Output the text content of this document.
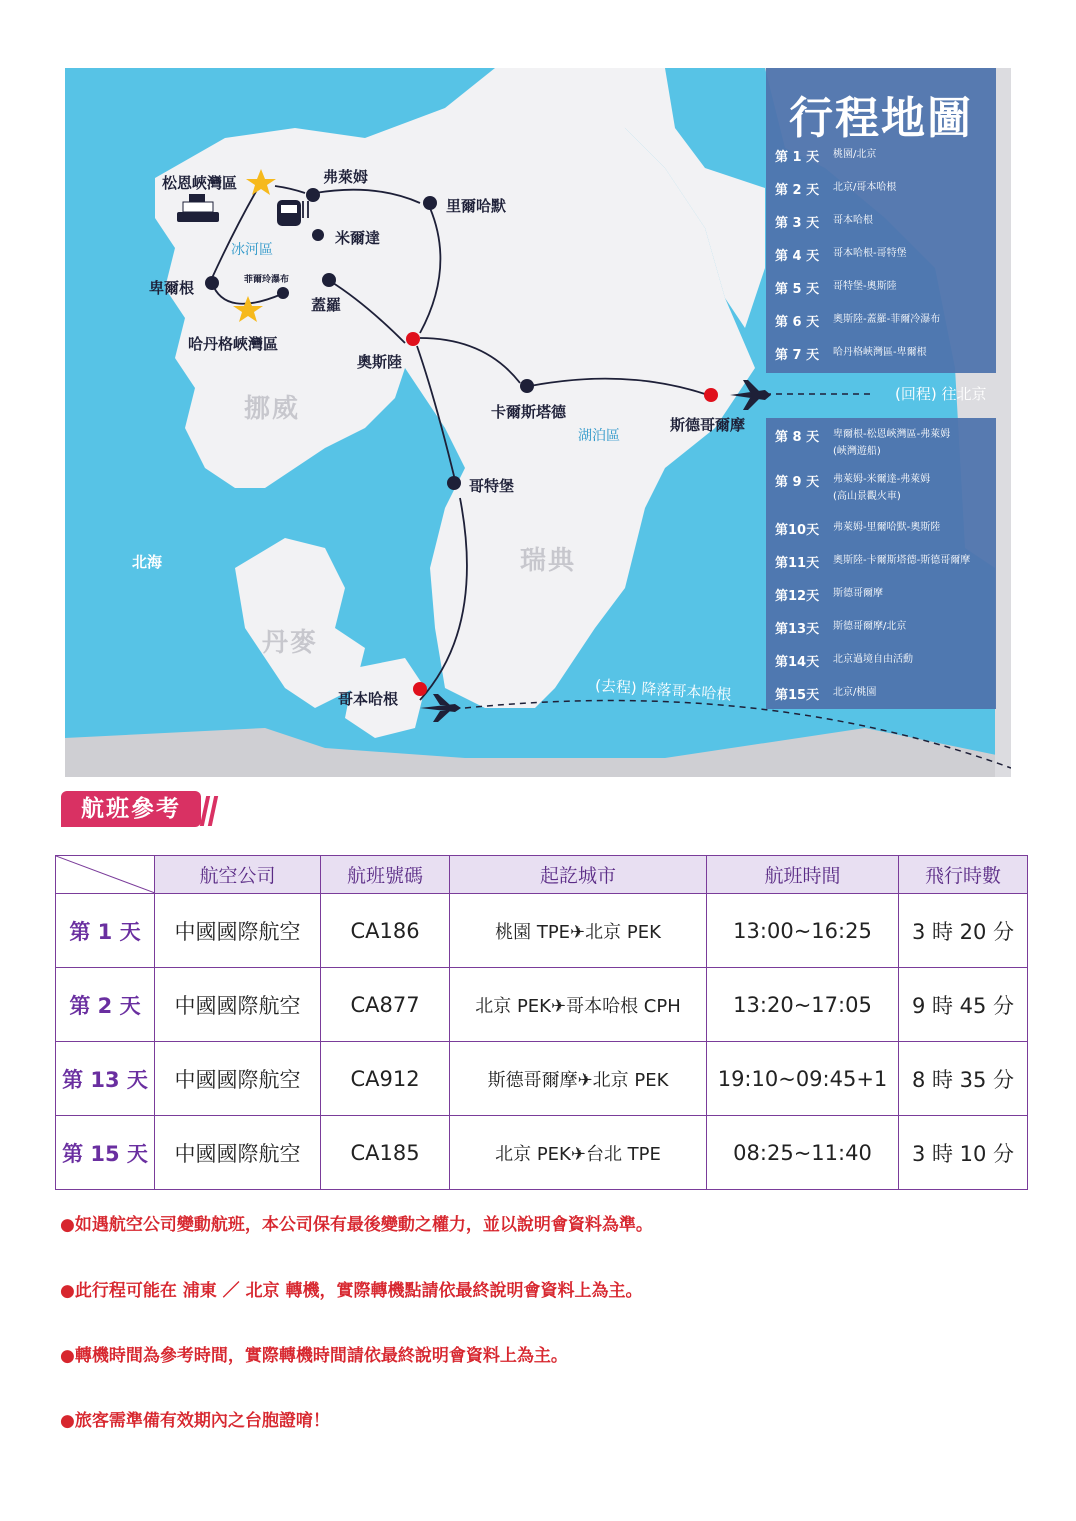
行程地圖
第 1 天	桃園/北京
第 2 天	北京/哥本哈根
第 3 天	哥本哈根
第 4 天	哥本哈根-哥特堡
第 5 天	哥特堡-奧斯陸
第 6 天	奧斯陸-蓋羅-菲爾冷瀑布
第 7 天	哈丹格峽灣區-卑爾根
第 8 天	卑爾根-松恩峽灣區-弗萊姆
(峽灣遊船)
第 9 天	弗萊姆-米爾達-弗萊姆
(高山景觀火車)
第10天	弗萊姆-里爾哈默-奧斯陸
第11天	奧斯陸-卡爾斯塔德-斯德哥爾摩
第12天	斯德哥爾摩
第13天	斯德哥爾摩/北京
第14天	北京過境自由活動
第15天	北京/桃園
松恩峽灣區	弗萊姆
里爾哈默
米爾達
冰河區
菲爾玲瀑布
蓋羅
卑爾根
哈丹格峽灣區
奧斯陸
挪威	卡爾斯塔德
斯德哥爾摩
湖泊區
哥特堡
瑞典
北海
丹麥
哥本哈根
(回程) 往北京
(去程) 降落哥本哈根
航班參考
	航空公司	航班號碼	起訖城市	航班時間	飛行時數
第 1 天	中國國際航空	CA186	桃園 TPE✈北京 PEK	13:00~16:25	3 時 20 分
第 2 天	中國國際航空	CA877	北京 PEK✈哥本哈根 CPH	13:20~17:05	9 時 45 分
第 13 天	中國國際航空	CA912	斯德哥爾摩✈北京 PEK	19:10~09:45+1	8 時 35 分
第 15 天	中國國際航空	CA185	北京 PEK✈台北 TPE	08:25~11:40	3 時 10 分
●如遇航空公司變動航班，本公司保有最後變動之權力，並以說明會資料為準。
●此行程可能在 浦東 ／ 北京 轉機，實際轉機點請依最終說明會資料上為主。
●轉機時間為參考時間，實際轉機時間請依最終說明會資料上為主。
●旅客需準備有效期內之台胞證唷！
